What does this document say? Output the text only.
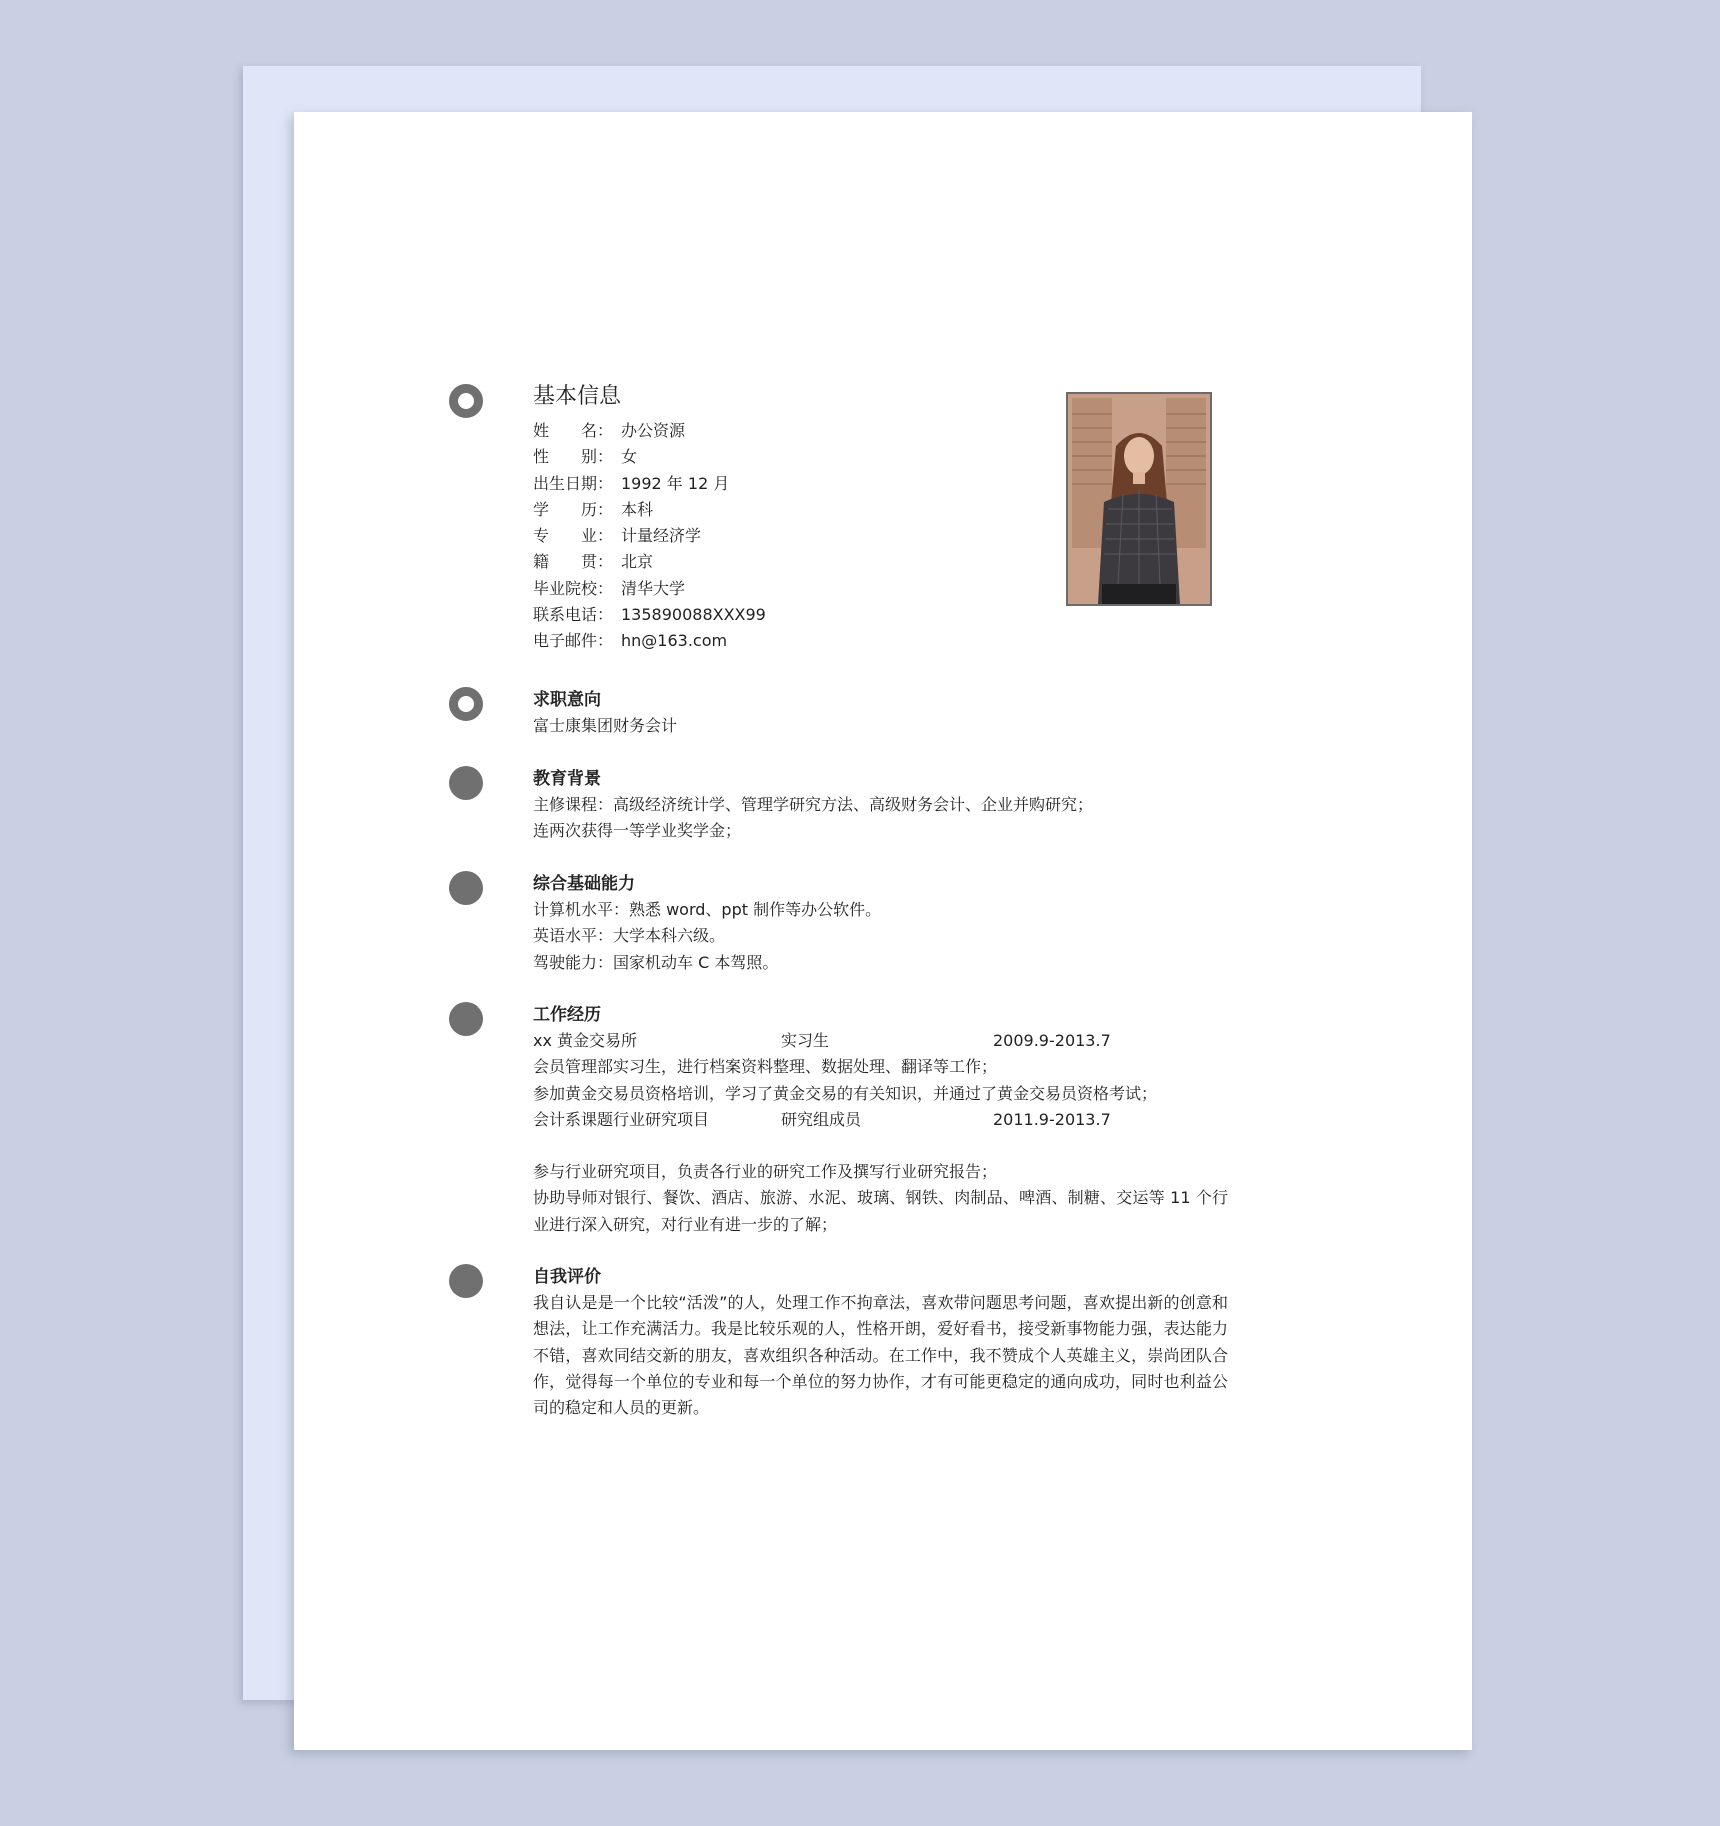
基本信息
姓　　名： 办公资源
性　　别： 女
出生日期： 1992 年 12 月
学　　历： 本科
专　　业： 计量经济学
籍　　贯： 北京
毕业院校： 清华大学
联系电话： 135890088XXX99
电子邮件： hn@163.com
求职意向
富士康集团财务会计
教育背景
主修课程：高级经济统计学、管理学研究方法、高级财务会计、企业并购研究；
连两次获得一等学业奖学金；
综合基础能力
计算机水平：熟悉 word、ppt 制作等办公软件。
英语水平：大学本科六级。
驾驶能力：国家机动车 C 本驾照。
工作经历
xx 黄金交易所	实习生	2009.9-2013.7
会员管理部实习生，进行档案资料整理、数据处理、翻译等工作；
参加黄金交易员资格培训，学习了黄金交易的有关知识，并通过了黄金交易员资格考试；
会计系课题行业研究项目	研究组成员	2011.9-2013.7
参与行业研究项目，负责各行业的研究工作及撰写行业研究报告；
协助导师对银行、餐饮、酒店、旅游、水泥、玻璃、钢铁、肉制品、啤酒、制糖、交运等 11 个行业进行深入研究，对行业有进一步的了解；
自我评价
我自认是是一个比较“活泼”的人，处理工作不拘章法，喜欢带问题思考问题，喜欢提出新的创意和想法，让工作充满活力。我是比较乐观的人，性格开朗，爱好看书，接受新事物能力强，表达能力不错，喜欢同结交新的朋友，喜欢组织各种活动。在工作中，我不赞成个人英雄主义，崇尚团队合作，觉得每一个单位的专业和每一个单位的努力协作，才有可能更稳定的通向成功，同时也利益公司的稳定和人员的更新。
